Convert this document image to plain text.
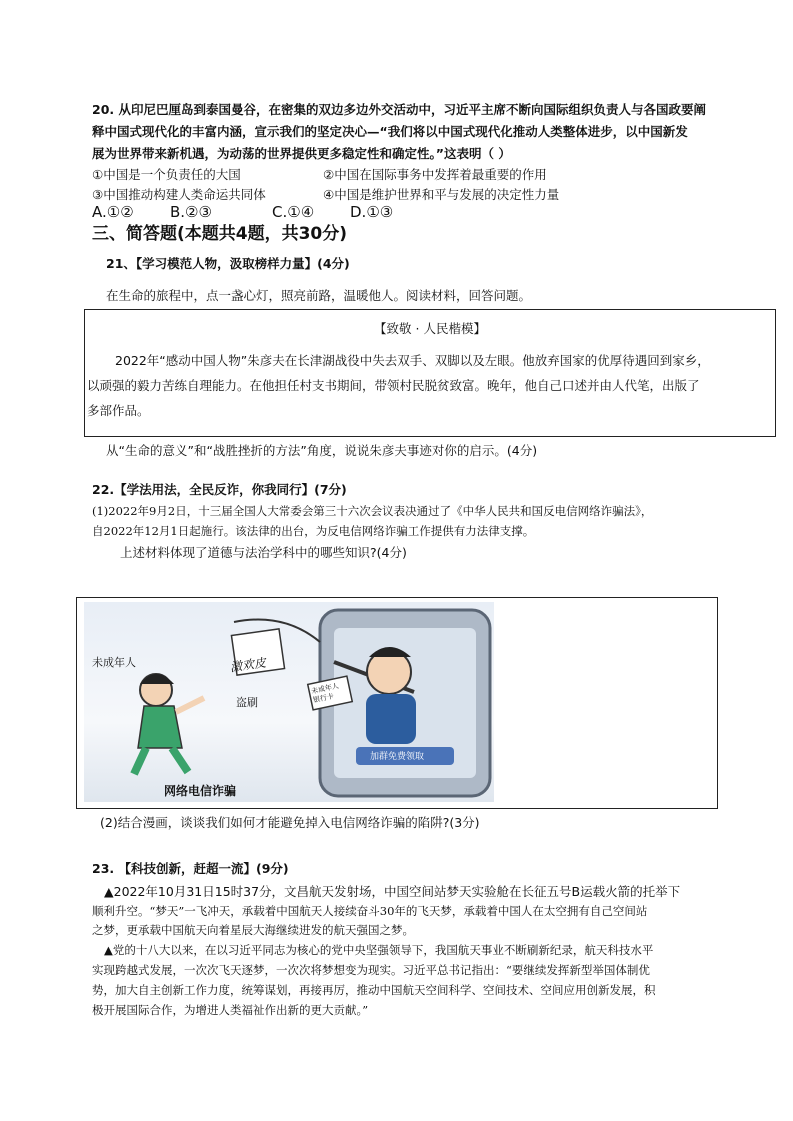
20. 从印尼巴厘岛到泰国曼谷，在密集的双边多边外交活动中，习近平主席不断向国际组织负责人与各国政要阐
释中国式现代化的丰富内涵，宣示我们的坚定决心—“我们将以中国式现代化推动人类整体进步，以中国新发
展为世界带来新机遇，为动荡的世界提供更多稳定性和确定性。”这表明（ ）
①中国是一个负责任的大国	②中国在国际事务中发挥着最重要的作用
③中国推动构建人类命运共同体	④中国是维护世界和平与发展的决定性力量
A.①② B.②③	C.①④ D.①③
三、简答题(本题共4题，共30分)
21、【学习模范人物，汲取榜样力量】(4分)
在生命的旅程中，点一盏心灯，照亮前路，温暖他人。阅读材料，回答问题。
【致敬 · 人民楷模】
2022年“感动中国人物”朱彦夫在长津湖战役中失去双手、双脚以及左眼。他放弃国家的优厚待遇回到家乡，
以顽强的毅力苦练自理能力。在他担任村支书期间，带领村民脱贫致富。晚年，他自己口述并由人代笔，出版了
多部作品。
从“生命的意义”和“战胜挫折的方法”角度，说说朱彦夫事迹对你的启示。(4分)
22.【学法用法，全民反诈，你我同行】(7分)
(1)2022年9月2日，十三届全国人大常委会第三十六次会议表决通过了《中华人民共和国反电信网络诈骗法》，
自2022年12月1日起施行。该法律的出台，为反电信网络诈骗工作提供有力法律支撑。
上述材料体现了道德与法治学科中的哪些知识?(4分)
未成年人	激欢皮
盗刷
未成年人银行卡
加群免费领取
网络电信诈骗
(2)结合漫画，谈谈我们如何才能避免掉入电信网络诈骗的陷阱?(3分)
23. 【科技创新，赶超一流】(9分)
▲2022年10月31日15时37分，文昌航天发射场，中国空间站梦天实验舱在长征五号B运载火箭的托举下
顺利升空。“梦天”一飞冲天，承载着中国航天人接续奋斗30年的飞天梦，承载着中国人在太空拥有自己空间站
之梦，更承载中国航天向着星辰大海继续进发的航天强国之梦。
▲党的十八大以来，在以习近平同志为核心的党中央坚强领导下，我国航天事业不断刷新纪录，航天科技水平
实现跨越式发展，一次次飞天逐梦，一次次将梦想变为现实。习近平总书记指出：“要继续发挥新型举国体制优
势，加大自主创新工作力度，统筹谋划，再接再厉，推动中国航天空间科学、空间技术、空间应用创新发展，积
极开展国际合作，为增进人类福祉作出新的更大贡献。”
